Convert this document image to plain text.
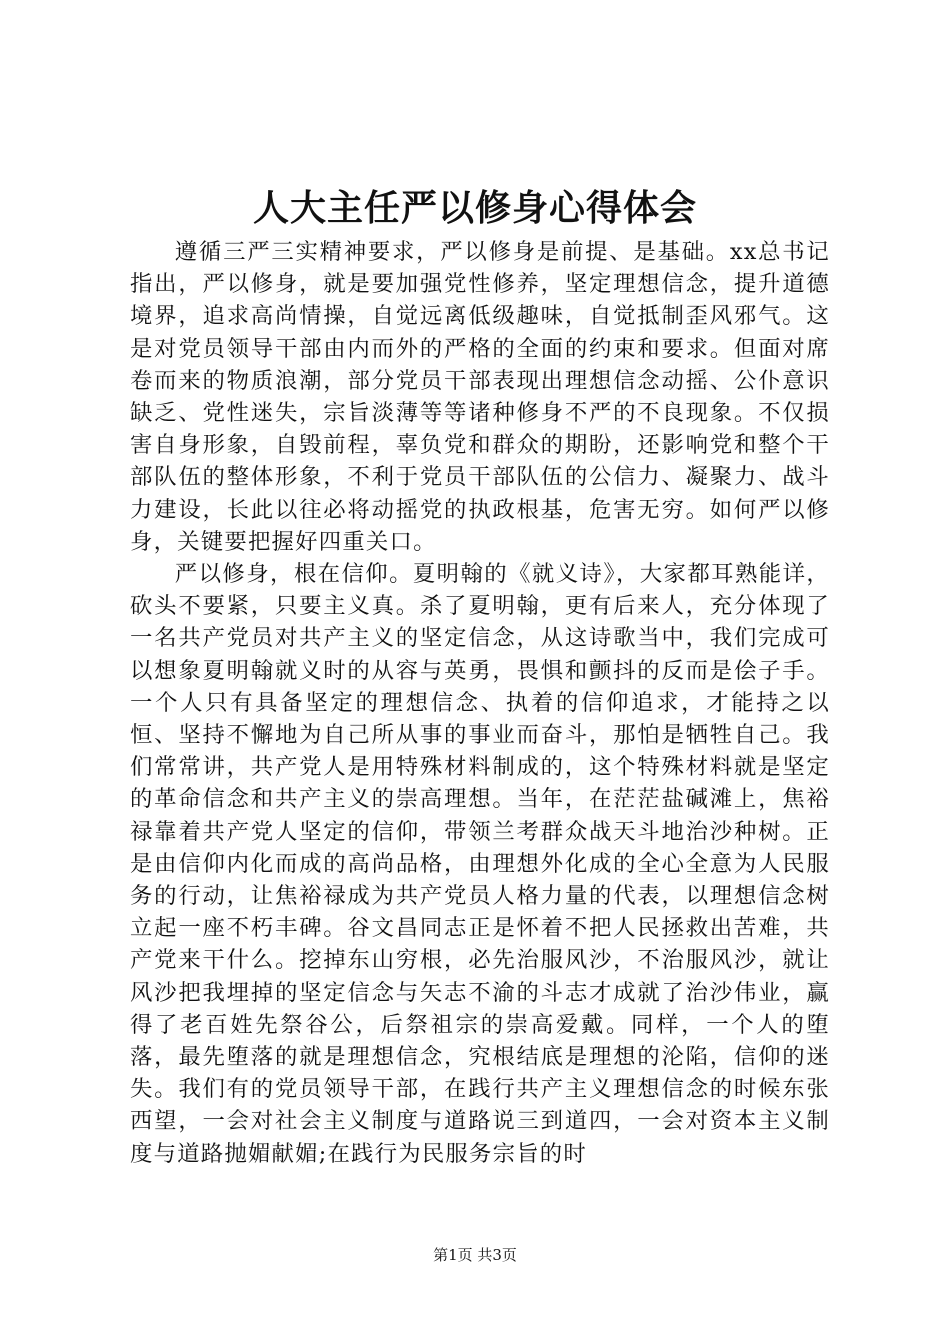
人大主任严以修身心得体会

遵循三严三实精神要求，严以修身是前提、是基础。xx总书记指出，严以修身，就是要加强党性修养，坚定理想信念，提升道德境界，追求高尚情操，自觉远离低级趣味，自觉抵制歪风邪气。这是对党员领导干部由内而外的严格的全面的约束和要求。但面对席卷而来的物质浪潮，部分党员干部表现出理想信念动摇、公仆意识缺乏、党性迷失，宗旨淡薄等等诸种修身不严的不良现象。不仅损害自身形象，自毁前程，辜负党和群众的期盼，还影响党和整个干部队伍的整体形象，不利于党员干部队伍的公信力、凝聚力、战斗力建设，长此以往必将动摇党的执政根基，危害无穷。如何严以修身，关键要把握好四重关口。

严以修身，根在信仰。夏明翰的《就义诗》，大家都耳熟能详，砍头不要紧，只要主义真。杀了夏明翰，更有后来人，充分体现了一名共产党员对共产主义的坚定信念，从这诗歌当中，我们完成可以想象夏明翰就义时的从容与英勇，畏惧和颤抖的反而是侩子手。一个人只有具备坚定的理想信念、执着的信仰追求，才能持之以恒、坚持不懈地为自己所从事的事业而奋斗，那怕是牺牲自己。我们常常讲，共产党人是用特殊材料制成的，这个特殊材料就是坚定的革命信念和共产主义的崇高理想。当年，在茫茫盐碱滩上，焦裕禄靠着共产党人坚定的信仰，带领兰考群众战天斗地治沙种树。正是由信仰内化而成的高尚品格，由理想外化成的全心全意为人民服务的行动，让焦裕禄成为共产党员人格力量的代表，以理想信念树立起一座不朽丰碑。谷文昌同志正是怀着不把人民拯救出苦难，共产党来干什么。挖掉东山穷根，必先治服风沙，不治服风沙，就让风沙把我埋掉的坚定信念与矢志不渝的斗志才成就了治沙伟业，赢得了老百姓先祭谷公，后祭祖宗的崇高爱戴。同样，一个人的堕落，最先堕落的就是理想信念，究根结底是理想的沦陷，信仰的迷失。我们有的党员领导干部，在践行共产主义理想信念的时候东张西望，一会对社会主义制度与道路说三到道四，一会对资本主义制度与道路抛媚献媚;在践行为民服务宗旨的时

第1页 共3页
